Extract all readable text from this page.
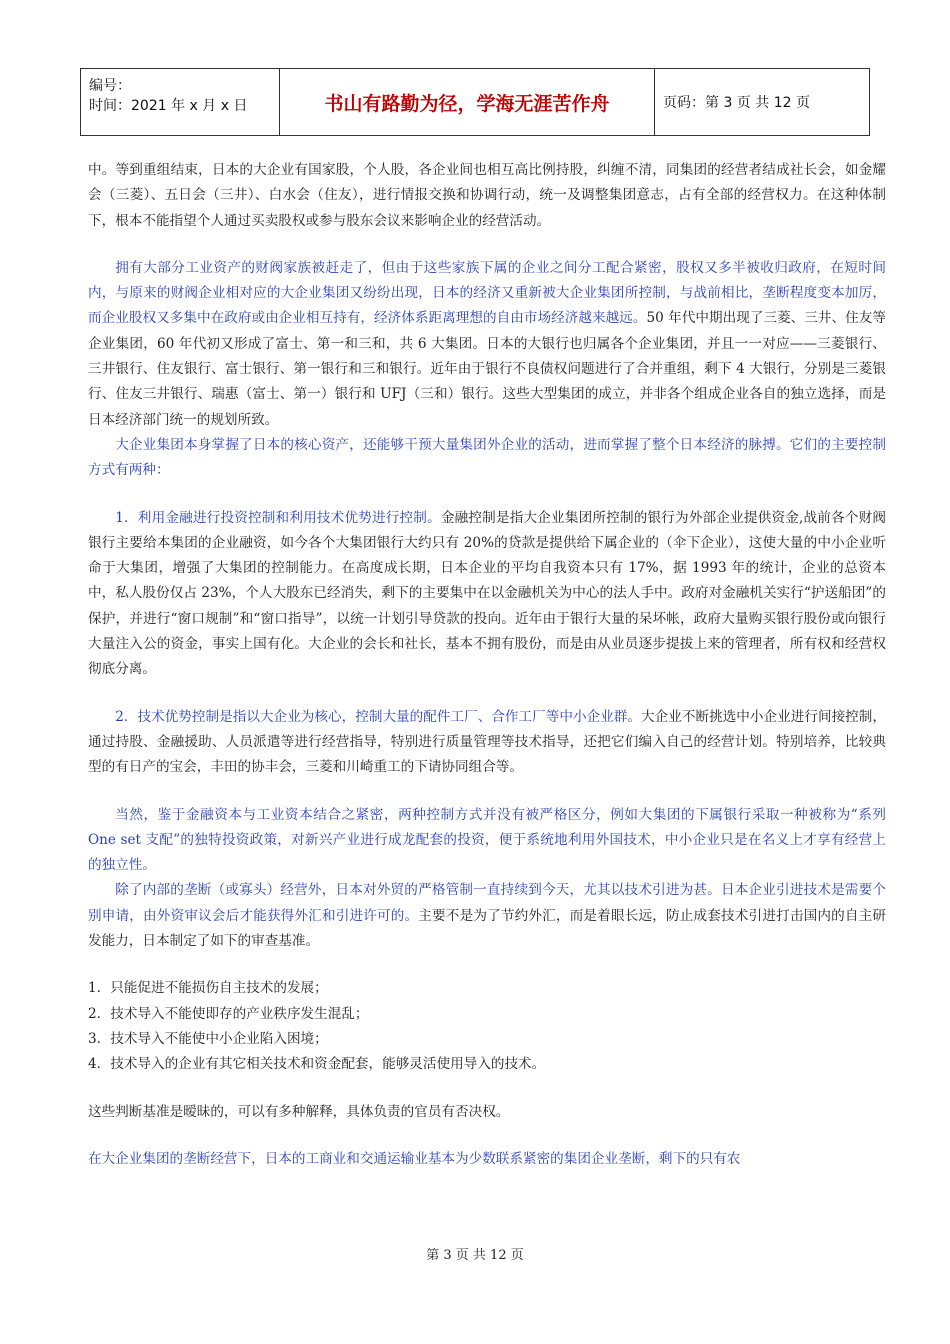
编号：
时间：2021 年 x 月 x 日	书山有路勤为径，学海无涯苦作舟	页码：第 3 页 共 12 页

中。等到重组结束，日本的大企业有国家股，个人股，各企业间也相互高比例持股，纠缠不清，同集团的经营者结成社长会，如金耀会（三菱）、五日会（三井）、白水会（住友），进行情报交换和协调行动，统一及调整集团意志，占有全部的经营权力。在这种体制下，根本不能指望个人通过买卖股权或参与股东会议来影响企业的经营活动。

拥有大部分工业资产的财阀家族被赶走了，但由于这些家族下属的企业之间分工配合紧密，股权又多半被收归政府，在短时间内，与原来的财阀企业相对应的大企业集团又纷纷出现，日本的经济又重新被大企业集团所控制，与战前相比，垄断程度变本加厉，而企业股权又多集中在政府或由企业相互持有，经济体系距离理想的自由市场经济越来越远。50 年代中期出现了三菱、三井、住友等企业集团，60 年代初又形成了富士、第一和三和，共 6 大集团。日本的大银行也归属各个企业集团，并且一一对应——三菱银行、三井银行、住友银行、富士银行、第一银行和三和银行。近年由于银行不良债权问题进行了合并重组，剩下 4 大银行，分别是三菱银行、住友三井银行、瑞惠（富士、第一）银行和 UFJ（三和）银行。这些大型集团的成立，并非各个组成企业各自的独立选择，而是日本经济部门统一的规划所致。

大企业集团本身掌握了日本的核心资产，还能够干预大量集团外企业的活动，进而掌握了整个日本经济的脉搏。它们的主要控制方式有两种：

1．利用金融进行投资控制和利用技术优势进行控制。金融控制是指大企业集团所控制的银行为外部企业提供资金,战前各个财阀银行主要给本集团的企业融资，如今各个大集团银行大约只有 20%的贷款是提供给下属企业的（伞下企业），这使大量的中小企业听命于大集团，增强了大集团的控制能力。在高度成长期，日本企业的平均自我资本只有 17%，据 1993 年的统计，企业的总资本中，私人股份仅占 23%，个人大股东已经消失，剩下的主要集中在以金融机关为中心的法人手中。政府对金融机关实行“护送船团”的保护，并进行“窗口规制”和“窗口指导”，以统一计划引导贷款的投向。近年由于银行大量的呆坏帐，政府大量购买银行股份或向银行大量注入公的资金，事实上国有化。大企业的会长和社长，基本不拥有股份，而是由从业员逐步提拔上来的管理者，所有权和经营权彻底分离。

2．技术优势控制是指以大企业为核心，控制大量的配件工厂、合作工厂等中小企业群。大企业不断挑选中小企业进行间接控制，通过持股、金融援助、人员派遣等进行经营指导，特别进行质量管理等技术指导，还把它们编入自己的经营计划。特别培养，比较典型的有日产的宝会，丰田的协丰会，三菱和川崎重工的下请协同组合等。

当然，鉴于金融资本与工业资本结合之紧密，两种控制方式并没有被严格区分，例如大集团的下属银行采取一种被称为“系列 One set 支配”的独特投资政策，对新兴产业进行成龙配套的投资，便于系统地利用外国技术，中小企业只是在名义上才享有经营上的独立性。

除了内部的垄断（或寡头）经营外，日本对外贸的严格管制一直持续到今天，尤其以技术引进为甚。日本企业引进技术是需要个别申请，由外资审议会后才能获得外汇和引进许可的。主要不是为了节约外汇，而是着眼长远，防止成套技术引进打击国内的自主研发能力，日本制定了如下的审查基准。

1．只能促进不能损伤自主技术的发展；

2．技术导入不能使即存的产业秩序发生混乱；

3．技术导入不能使中小企业陷入困境；

4．技术导入的企业有其它相关技术和资金配套，能够灵活使用导入的技术。

这些判断基准是暧昧的，可以有多种解释，具体负责的官员有否决权。

在大企业集团的垄断经营下，日本的工商业和交通运输业基本为少数联系紧密的集团企业垄断，剩下的只有农

第 3 页 共 12 页
